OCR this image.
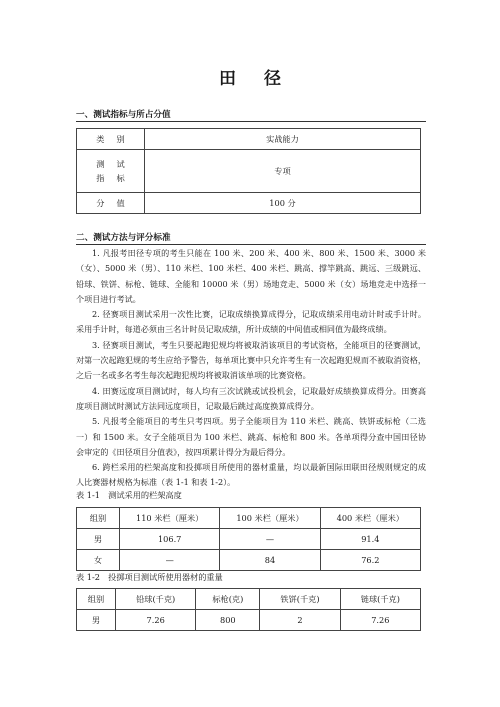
田径
一、测试指标与所占分值
类别	实战能力

测试
指标	专项
分值	100 分
二、测试方法与评分标准

1. 凡报考田径专项的考生只能在 100 米、200 米、400 米、800 米、1500 米、3000 米（女）、5000 米（男）、110 米栏、100 米栏、400 米栏、跳高、撑竿跳高、跳远、三级跳远、铅球、铁饼、标枪、链球、全能和 10000 米（男）场地竞走、5000 米（女）场地竞走中选择一个项目进行考试。

2. 径赛项目测试采用一次性比赛，记取成绩换算成得分，记取成绩采用电动计时或手计时。采用手计时，每道必须由三名计时员记取成绩，所计成绩的中间值或相同值为最终成绩。

3. 径赛项目测试，考生只要起跑犯规均将被取消该项目的考试资格，全能项目的径赛测试，对第一次起跑犯规的考生应给予警告，每单项比赛中只允许考生有一次起跑犯规而不被取消资格，之后一名或多名考生每次起跑犯规均将被取消该单项的比赛资格。

4. 田赛远度项目测试时，每人均有三次试跳或试投机会，记取最好成绩换算成得分。田赛高度项目测试时测试方法同远度项目，记取最后跳过高度换算成得分。

5. 凡报考全能项目的考生只考四项。男子全能项目为 110 米栏、跳高、铁饼或标枪（二选一）和 1500 米。女子全能项目为 100 米栏、跳高、标枪和 800 米。各单项得分查中国田径协会审定的《田径项目分值表》，按四项累计得分为最后得分。

6. 跨栏采用的栏架高度和投掷项目所使用的器材重量，均以最新国际田联田径规则规定的成人比赛器材规格为标准（表 1-1 和表 1-2）。

表 1-1　测试采用的栏架高度
组别	110 米栏（厘米）	100 米栏（厘米）	400 米栏（厘米）
男	106.7	—	91.4
女	—	84	76.2
表 1-2　投掷项目测试所使用器材的重量
组别	铅球(千克)	标枪(克)	铁饼(千克)	链球(千克)
男	7.26	800	2	7.26
